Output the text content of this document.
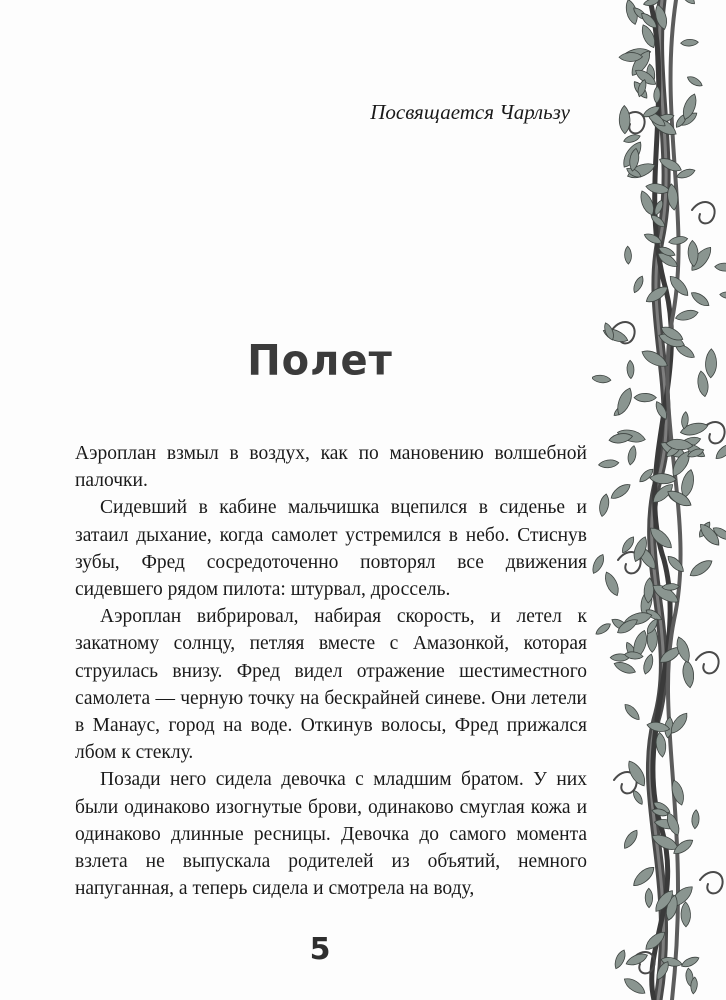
Посвящается Чарльзу
Полет

Аэроплан взмыл в воздух, как по мановению волшебной палочки.

Сидевший в кабине мальчишка вцепился в сиденье и затаил дыхание, когда самолет устремился в небо. Стиснув зубы, Фред сосредоточенно повторял все движения сидевшего рядом пилота: штурвал, дроссель.

Аэроплан вибрировал, набирая скорость, и летел к закатному солнцу, петляя вместе с Амазонкой, которая струилась внизу. Фред видел отражение шестиместного самолета — черную точку на бескрайней синеве. Они летели в Манаус, город на воде. Откинув волосы, Фред прижался лбом к стеклу.

Позади него сидела девочка с младшим братом. У них были одинаково изогнутые брови, одинаково смуглая кожа и одинаково длинные ресницы. Девочка до самого момента взлета не выпускала родителей из объятий, немного напуганная, а теперь сидела и смотрела на воду,

5
